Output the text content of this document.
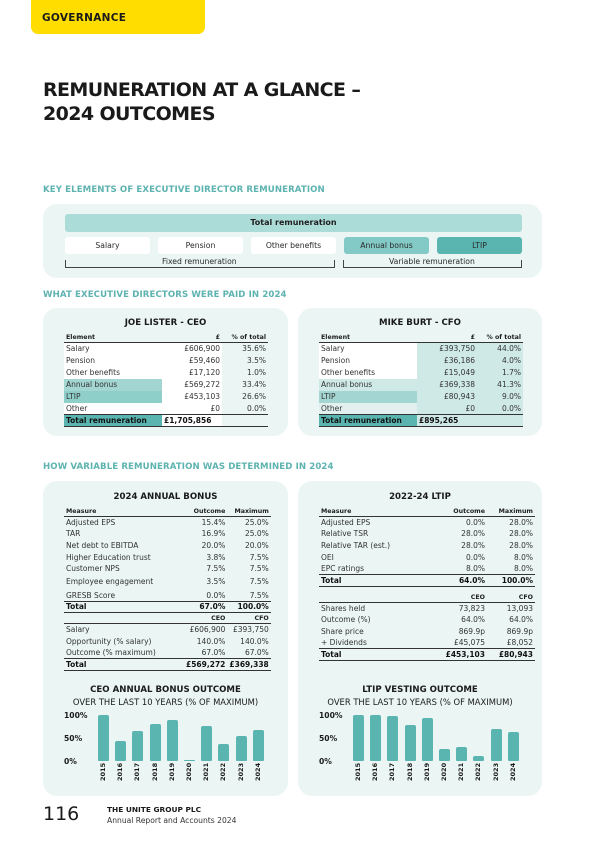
GOVERNANCE
REMUNERATION AT A GLANCE –
2024 OUTCOMES
KEY ELEMENTS OF EXECUTIVE DIRECTOR REMUNERATION
Total remuneration
Salary	Pension	Other benefits	Annual bonus	LTIP
Fixed remuneration	Variable remuneration
WHAT EXECUTIVE DIRECTORS WERE PAID IN 2024
JOE LISTER - CEO
Element	£	% of total
Salary	£606,900	35.6%
Pension	£59,460	3.5%
Other benefits	£17,120	1.0%
Annual bonus	£569,272	33.4%
LTIP	£453,103	26.6%
Other	£0	0.0%
Total remuneration	£1,705,856	
MIKE BURT - CFO
Element	£	% of total
Salary	£393,750	44.0%
Pension	£36,186	4.0%
Other benefits	£15,049	1.7%
Annual bonus	£369,338	41.3%
LTIP	£80,943	9.0%
Other	£0	0.0%
Total remuneration	£895,265	
HOW VARIABLE REMUNERATION WAS DETERMINED IN 2024
2024 ANNUAL BONUS
Measure	Outcome	Maximum
Adjusted EPS	15.4%	25.0%
TAR	16.9%	25.0%
Net debt to EBITDA	20.0%	20.0%
Higher Education trust	3.8%	7.5%
Customer NPS	7.5%	7.5%
Employee engagement	3.5%	7.5%
GRESB Score	0.0%	7.5%
Total	67.0%	100.0%
	CEO	CFO
Salary	£606,900	£393,750
Opportunity (% salary)	140.0%	140.0%
Outcome (% maximum)	67.0%	67.0%
Total	£569,272	£369,338
CEO ANNUAL BONUS OUTCOME
OVER THE LAST 10 YEARS (% OF MAXIMUM)
100%
50%
0%
2015 2016 2017 2018 2019 2020 2021 2022 2023 2024
2022-24 LTIP
Measure	Outcome	Maximum
Adjusted EPS	0.0%	28.0%
Relative TSR	28.0%	28.0%
Relative TAR (est.)	28.0%	28.0%
OEI	0.0%	8.0%
EPC ratings	8.0%	8.0%
Total	64.0%	100.0%

	CEO	CFO
Shares held	73,823	13,093
Outcome (%)	64.0%	64.0%
Share price	869.9p	869.9p
+ Dividends	£45,075	£8,052
Total	£453,103	£80,943
LTIP VESTING OUTCOME
OVER THE LAST 10 YEARS (% OF MAXIMUM)
100%
50%
0%
2015 2016 2017 2018 2019 2020 2021 2022 2023 2024
116	THE UNITE GROUP PLC
Annual Report and Accounts 2024
